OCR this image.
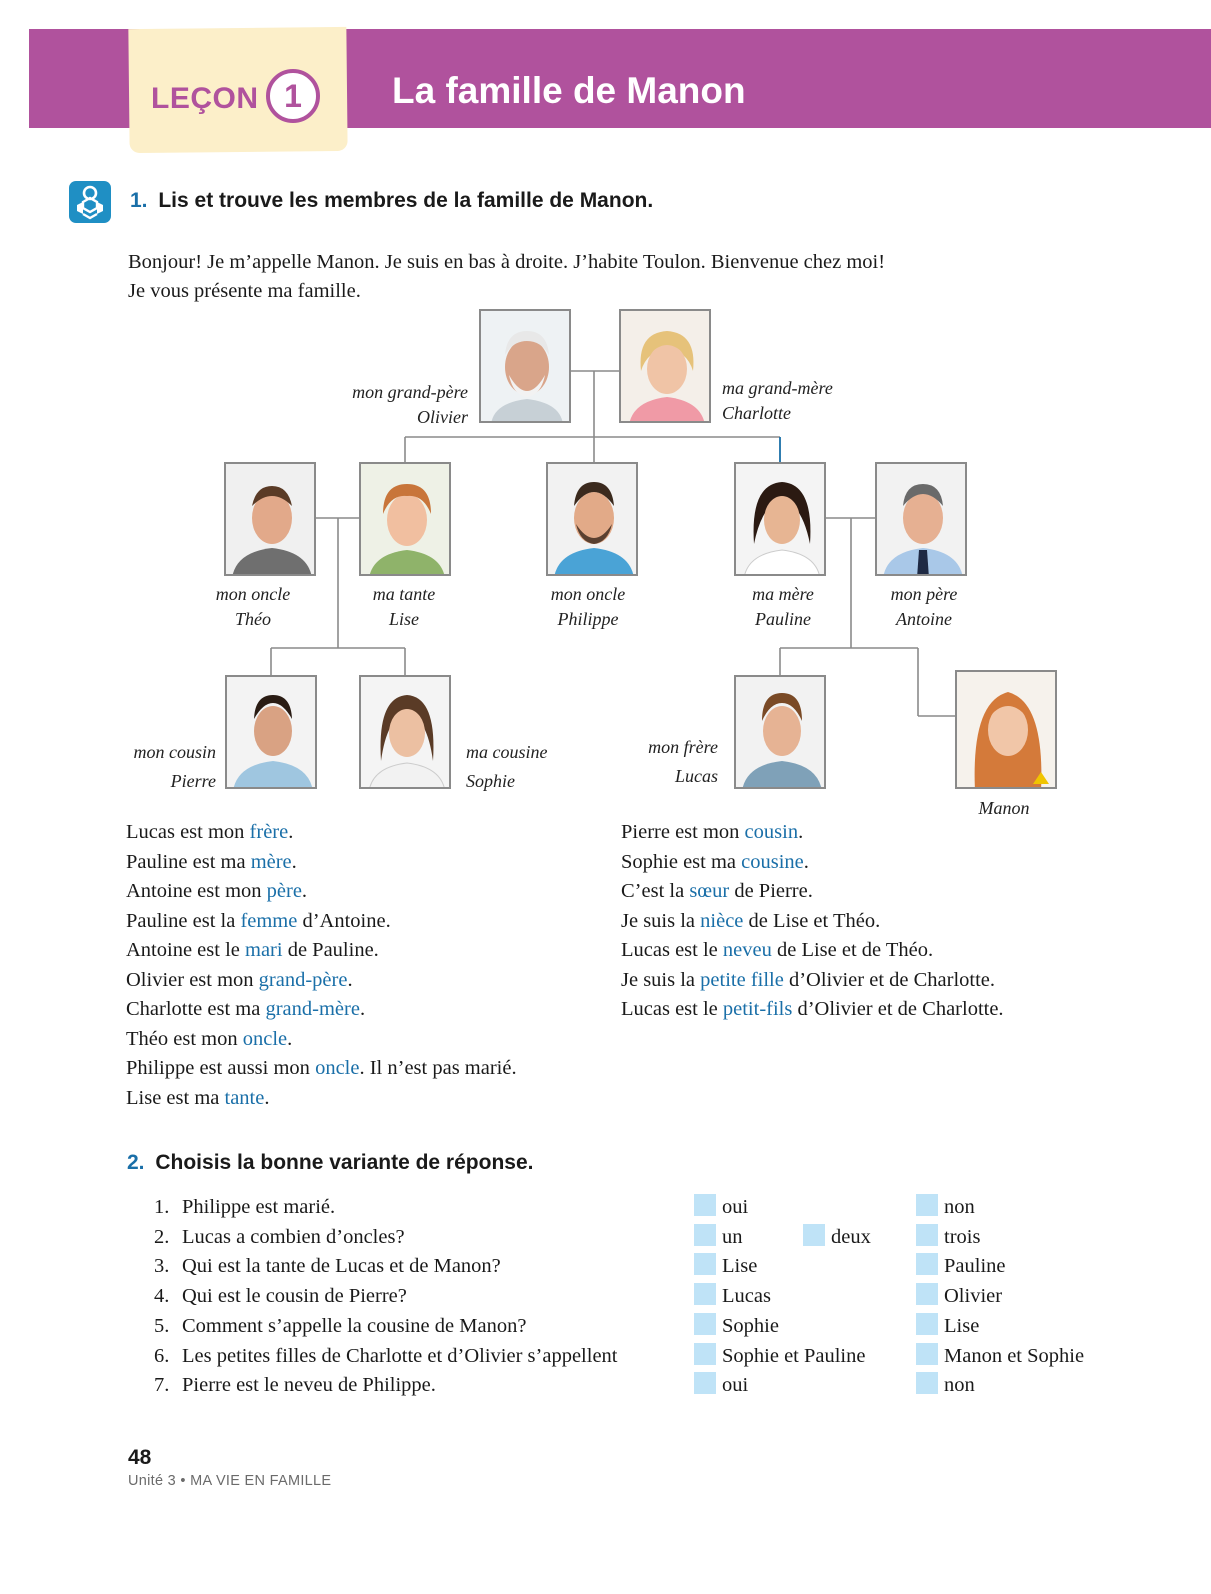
LEÇON 1	La famille de Manon
1. Lis et trouve les membres de la famille de Manon.
Bonjour! Je m’appelle Manon. Je suis en bas à droite. J’habite Toulon. Bienvenue chez moi!
Je vous présente ma famille.
mon grand-père
Olivier
ma grand-mère
Charlotte
mon oncle
Théo
ma tante
Lise
mon oncle
Philippe
ma mère
Pauline
mon père
Antoine
mon cousin
Pierre
ma cousine
Sophie
mon frère
Lucas
Manon
Lucas est mon frère.
Pauline est ma mère.
Antoine est mon père.
Pauline est la femme d’Antoine.
Antoine est le mari de Pauline.
Olivier est mon grand-père.
Charlotte est ma grand-mère.
Théo est mon oncle.
Philippe est aussi mon oncle. Il n’est pas marié.
Lise est ma tante.
Pierre est mon cousin.
Sophie est ma cousine.
C’est la sœur de Pierre.
Je suis la nièce de Lise et Théo.
Lucas est le neveu de Lise et de Théo.
Je suis la petite fille d’Olivier et de Charlotte.
Lucas est le petit-fils d’Olivier et de Charlotte.
2. Choisis la bonne variante de réponse.
1. Philippe est marié.	oui	non
2. Lucas a combien d’oncles?	un	deux	trois
3. Qui est la tante de Lucas et de Manon?	Lise	Pauline
4. Qui est le cousin de Pierre?	Lucas	Olivier
5. Comment s’appelle la cousine de Manon?	Sophie	Lise
6. Les petites filles de Charlotte et d’Olivier s’appellent	Sophie et Pauline	Manon et Sophie
7. Pierre est le neveu de Philippe.	oui	non
48
Unité 3 • MA VIE EN FAMILLE
